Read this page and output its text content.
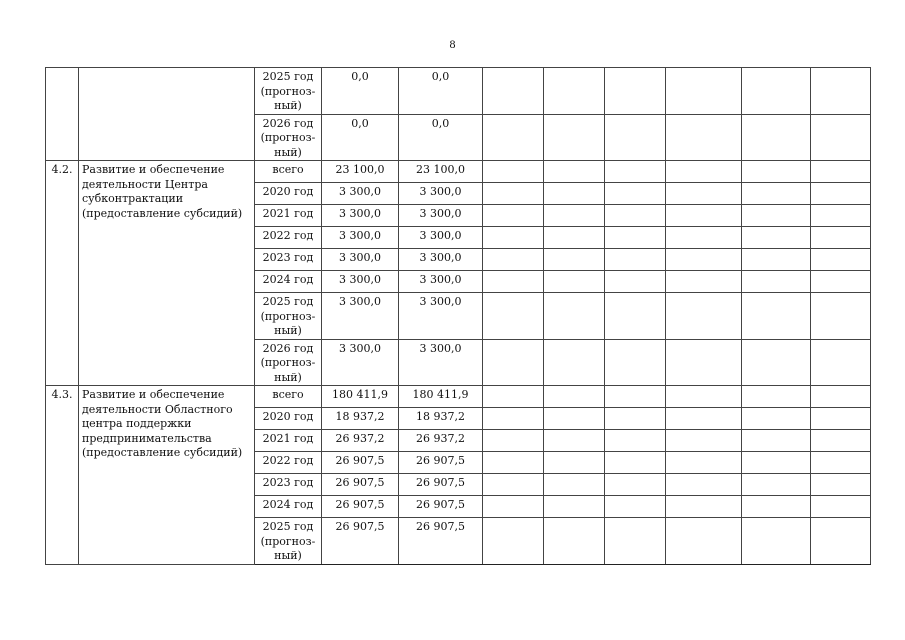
8

		2025 год
(прогноз-
ный)	0,0	0,0						

		2026 год
(прогноз-
ный)	0,0	0,0						
4.2.	Развитие и обеспечение деятельности Центра субконтрактации (предоставление субсидий)	всего	23 100,0	23 100,0						

		2020 год	3 300,0	3 300,0						

		2021 год	3 300,0	3 300,0						

		2022 год	3 300,0	3 300,0						

		2023 год	3 300,0	3 300,0						

		2024 год	3 300,0	3 300,0						

		2025 год
(прогноз-
ный)	3 300,0	3 300,0						

		2026 год
(прогноз-
ный)	3 300,0	3 300,0						
4.3.	Развитие и обеспечение деятельности Областного центра поддержки предпринимательства (предоставление субсидий)	всего	180 411,9	180 411,9						

		2020 год	18 937,2	18 937,2						

		2021 год	26 937,2	26 937,2						

		2022 год	26 907,5	26 907,5						

		2023 год	26 907,5	26 907,5						

		2024 год	26 907,5	26 907,5						

		2025 год
(прогноз-
ный)	26 907,5	26 907,5						
